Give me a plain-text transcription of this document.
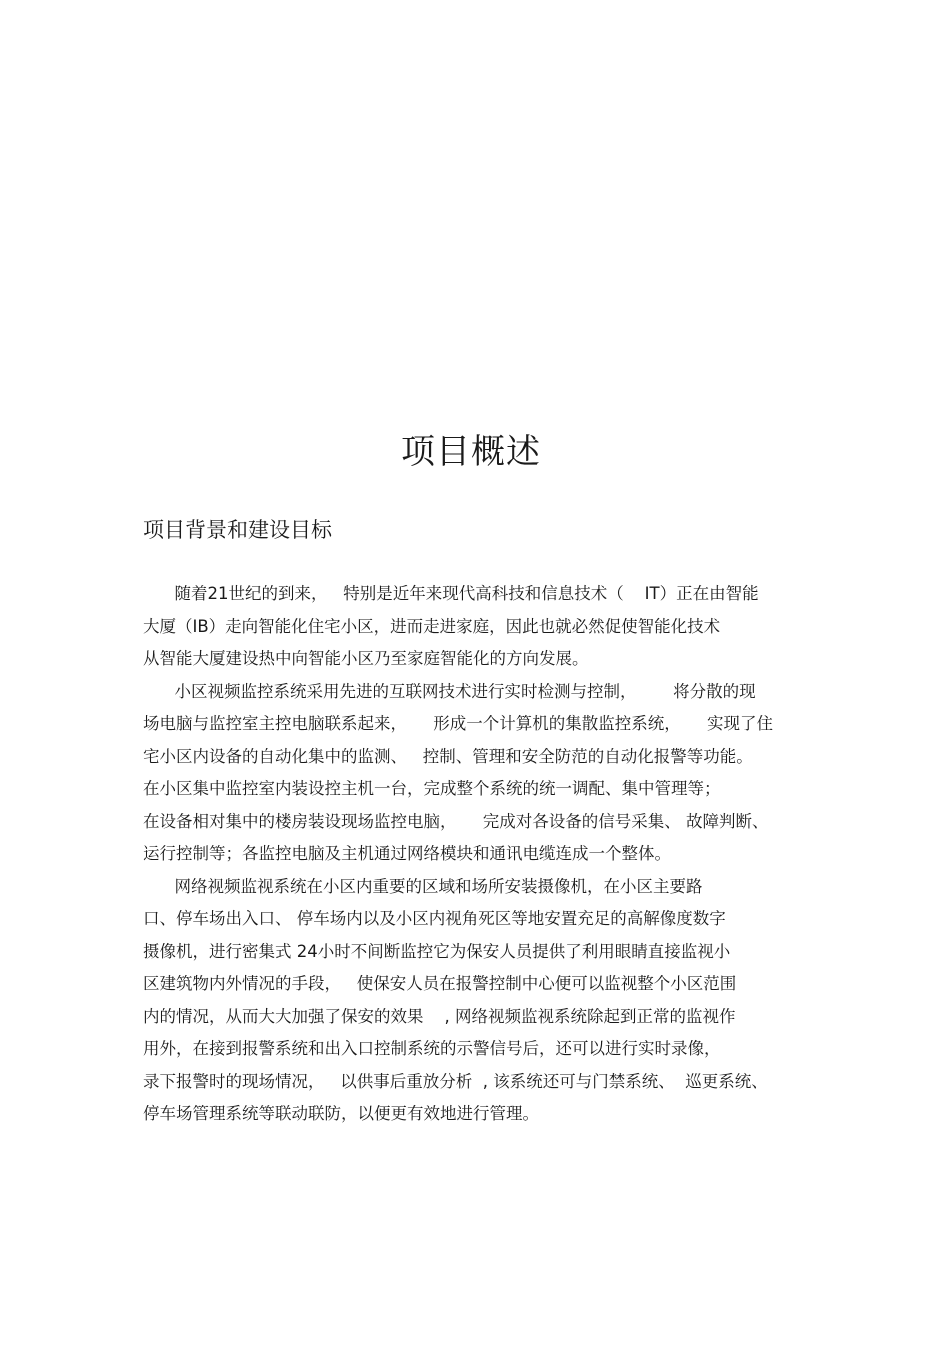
项目概述
项目背景和建设目标
随着21世纪的到来，   特别是近年来现代高科技和信息技术（    IT）正在由智能
大厦（IB）走向智能化住宅小区，进而走进家庭，因此也就必然促使智能化技术
从智能大厦建设热中向智能小区乃至家庭智能化的方向发展。
小区视频监控系统采用先进的互联网技术进行实时检测与控制，       将分散的现
场电脑与监控室主控电脑联系起来，     形成一个计算机的集散监控系统，     实现了住
宅小区内设备的自动化集中的监测、   控制、管理和安全防范的自动化报警等功能。
在小区集中监控室内装设控主机一台，完成整个系统的统一调配、集中管理等；
在设备相对集中的楼房装设现场监控电脑，     完成对各设备的信号采集、 故障判断、
运行控制等；各监控电脑及主机通过网络模块和通讯电缆连成一个整体。
网络视频监视系统在小区内重要的区域和场所安装摄像机，在小区主要路
口、停车场出入口、 停车场内以及小区内视角死区等地安置充足的高解像度数字
摄像机，进行密集式 24小时不间断监控它为保安人员提供了利用眼睛直接监视小
区建筑物内外情况的手段，   使保安人员在报警控制中心便可以监视整个小区范围
内的情况，从而大大加强了保安的效果    , 网络视频监视系统除起到正常的监视作
用外，在接到报警系统和出入口控制系统的示警信号后，还可以进行实时录像，
录下报警时的现场情况，   以供事后重放分析  , 该系统还可与门禁系统、  巡更系统、
停车场管理系统等联动联防，以便更有效地进行管理。
